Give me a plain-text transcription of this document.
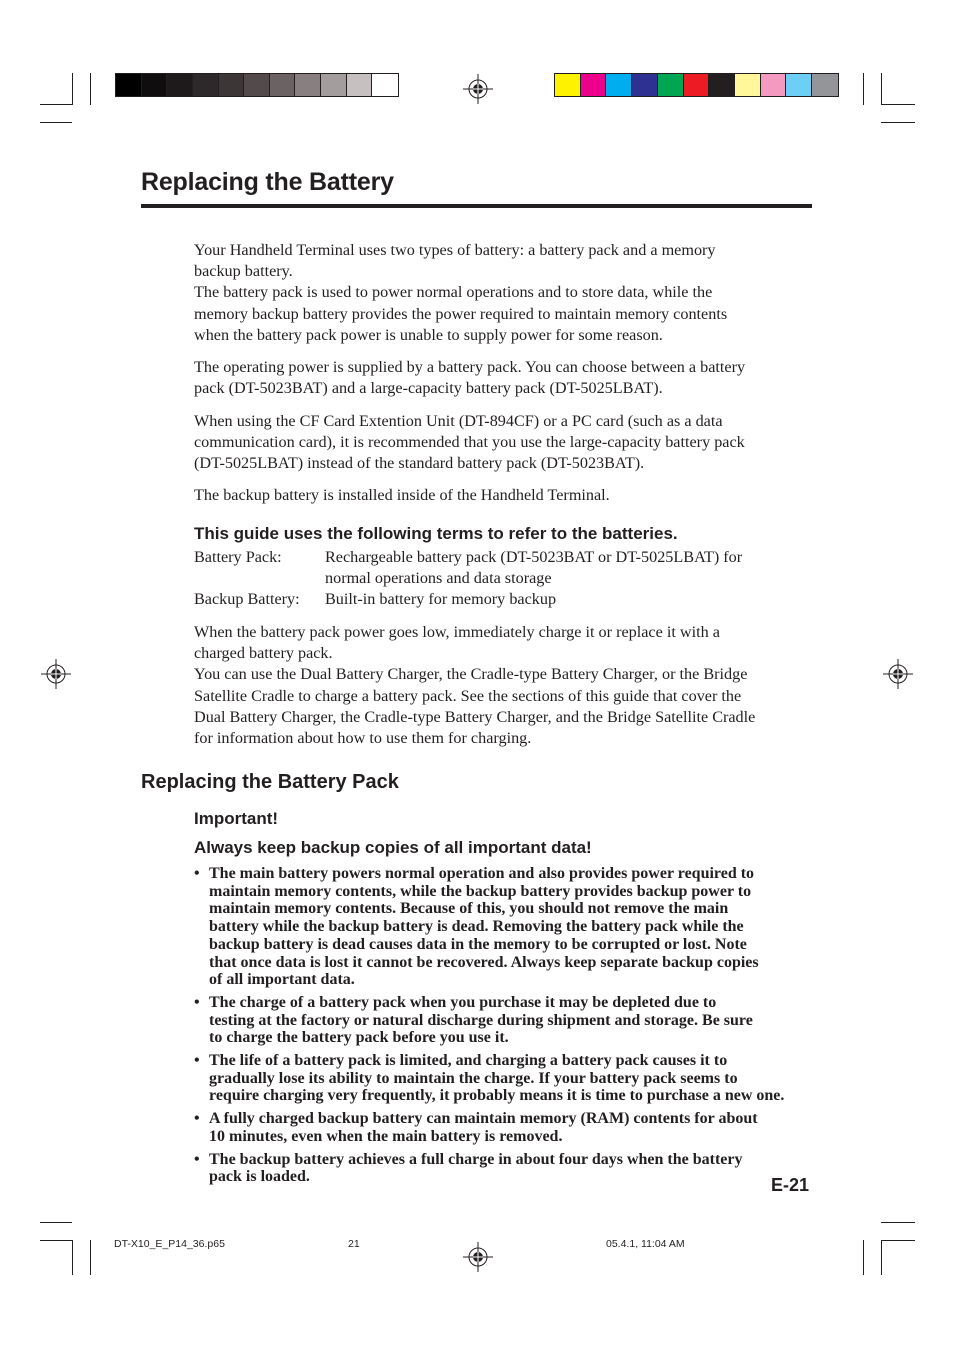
Replacing the Battery

Your Handheld Terminal uses two types of battery: a battery pack and a memory
backup battery.
The battery pack is used to power normal operations and to store data, while the
memory backup battery provides the power required to maintain memory contents
when the battery pack power is unable to supply power for some reason.

The operating power is supplied by a battery pack. You can choose between a battery
pack (DT-5023BAT) and a large-capacity battery pack (DT-5025LBAT).

When using the CF Card Extention Unit (DT-894CF) or a PC card (such as a data
communication card), it is recommended that you use the large-capacity battery pack
(DT-5025LBAT) instead of the standard battery pack (DT-5023BAT).

The backup battery is installed inside of the Handheld Terminal.

This guide uses the following terms to refer to the batteries.
Battery Pack:	Rechargeable battery pack (DT-5023BAT or DT-5025LBAT) for
normal operations and data storage
Backup Battery:	Built-in battery for memory backup

When the battery pack power goes low, immediately charge it or replace it with a
charged battery pack.
You can use the Dual Battery Charger, the Cradle-type Battery Charger, or the Bridge
Satellite Cradle to charge a battery pack. See the sections of this guide that cover the
Dual Battery Charger, the Cradle-type Battery Charger, and the Bridge Satellite Cradle
for information about how to use them for charging.

Replacing the Battery Pack
Important!
Always keep backup copies of all important data!
• The main battery powers normal operation and also provides power required to
maintain memory contents, while the backup battery provides backup power to
maintain memory contents. Because of this, you should not remove the main
battery while the backup battery is dead. Removing the battery pack while the
backup battery is dead causes data in the memory to be corrupted or lost. Note
that once data is lost it cannot be recovered. Always keep separate backup copies
of all important data.
• The charge of a battery pack when you purchase it may be depleted due to
testing at the factory or natural discharge during shipment and storage. Be sure
to charge the battery pack before you use it.
• The life of a battery pack is limited, and charging a battery pack causes it to
gradually lose its ability to maintain the charge. If your battery pack seems to
require charging very frequently, it probably means it is time to purchase a new one.
• A fully charged backup battery can maintain memory (RAM) contents for about
10 minutes, even when the main battery is removed.
• The backup battery achieves a full charge in about four days when the battery
pack is loaded.	E-21
DT-X10_E_P14_36.p65	21	05.4.1, 11:04 AM
